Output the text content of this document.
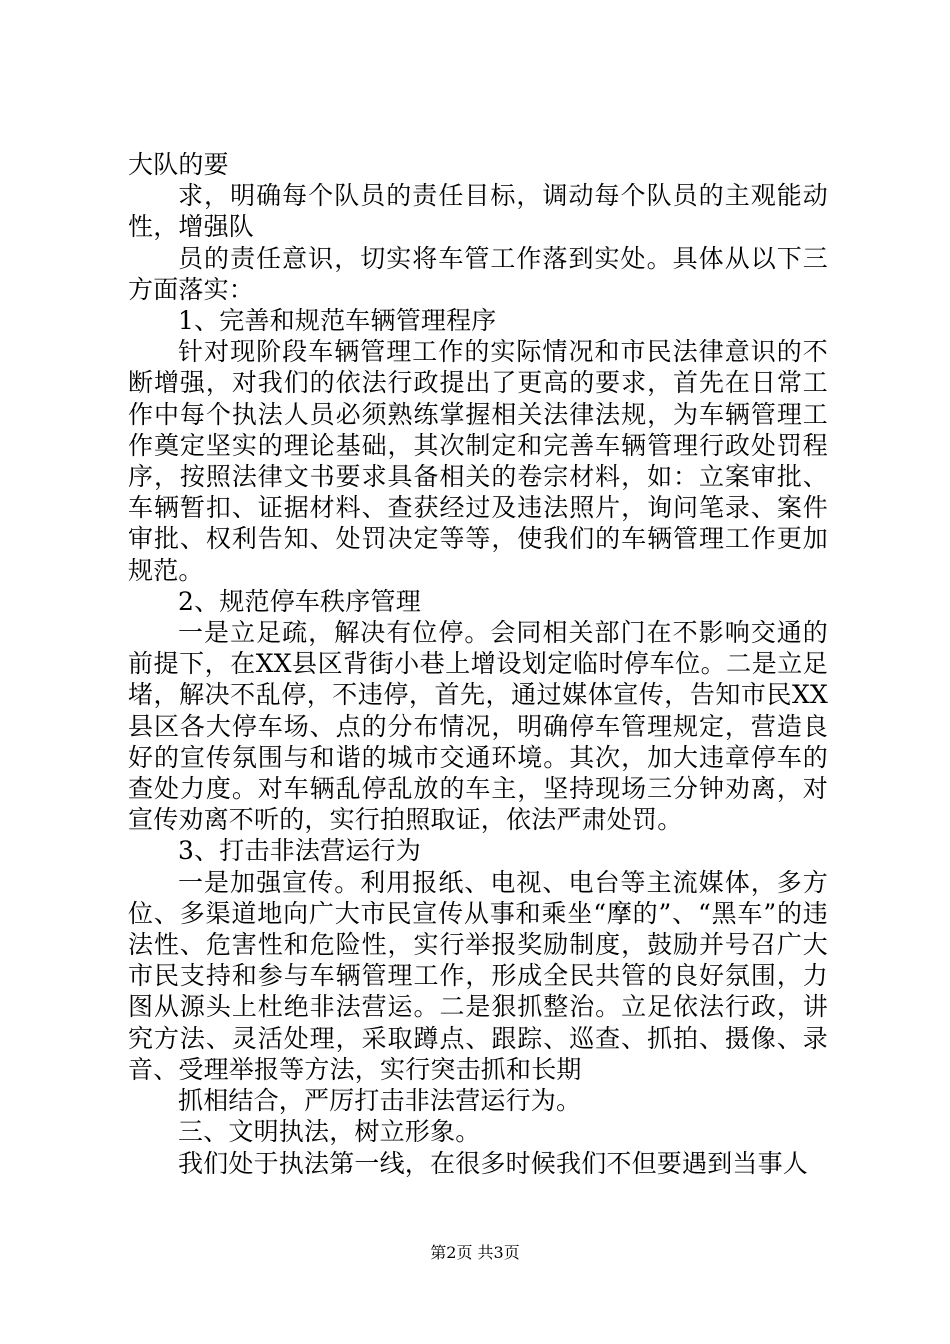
大队的要

求，明确每个队员的责任目标，调动每个队员的主观能动性，增强队

员的责任意识，切实将车管工作落到实处。具体从以下三方面落实：

1、完善和规范车辆管理程序

针对现阶段车辆管理工作的实际情况和市民法律意识的不断增强，对我们的依法行政提出了更高的要求，首先在日常工作中每个执法人员必须熟练掌握相关法律法规，为车辆管理工作奠定坚实的理论基础，其次制定和完善车辆管理行政处罚程序，按照法律文书要求具备相关的卷宗材料，如：立案审批、车辆暂扣、证据材料、查获经过及违法照片，询问笔录、案件审批、权利告知、处罚决定等等，使我们的车辆管理工作更加规范。

2、规范停车秩序管理

一是立足疏，解决有位停。会同相关部门在不影响交通的前提下，在XX县区背街小巷上增设划定临时停车位。二是立足堵，解决不乱停，不违停，首先，通过媒体宣传，告知市民XX县区各大停车场、点的分布情况，明确停车管理规定，营造良好的宣传氛围与和谐的城市交通环境。其次，加大违章停车的查处力度。对车辆乱停乱放的车主，坚持现场三分钟劝离，对宣传劝离不听的，实行拍照取证，依法严肃处罚。

3、打击非法营运行为

一是加强宣传。利用报纸、电视、电台等主流媒体，多方位、多渠道地向广大市民宣传从事和乘坐“摩的”、“黑车”的违法性、危害性和危险性，实行举报奖励制度，鼓励并号召广大市民支持和参与车辆管理工作，形成全民共管的良好氛围，力图从源头上杜绝非法营运。二是狠抓整治。立足依法行政，讲究方法、灵活处理，采取蹲点、跟踪、巡查、抓拍、摄像、录音、受理举报等方法，实行突击抓和长期

抓相结合，严厉打击非法营运行为。

三、文明执法，树立形象。

我们处于执法第一线，在很多时候我们不但要遇到当事人

第2页 共3页
